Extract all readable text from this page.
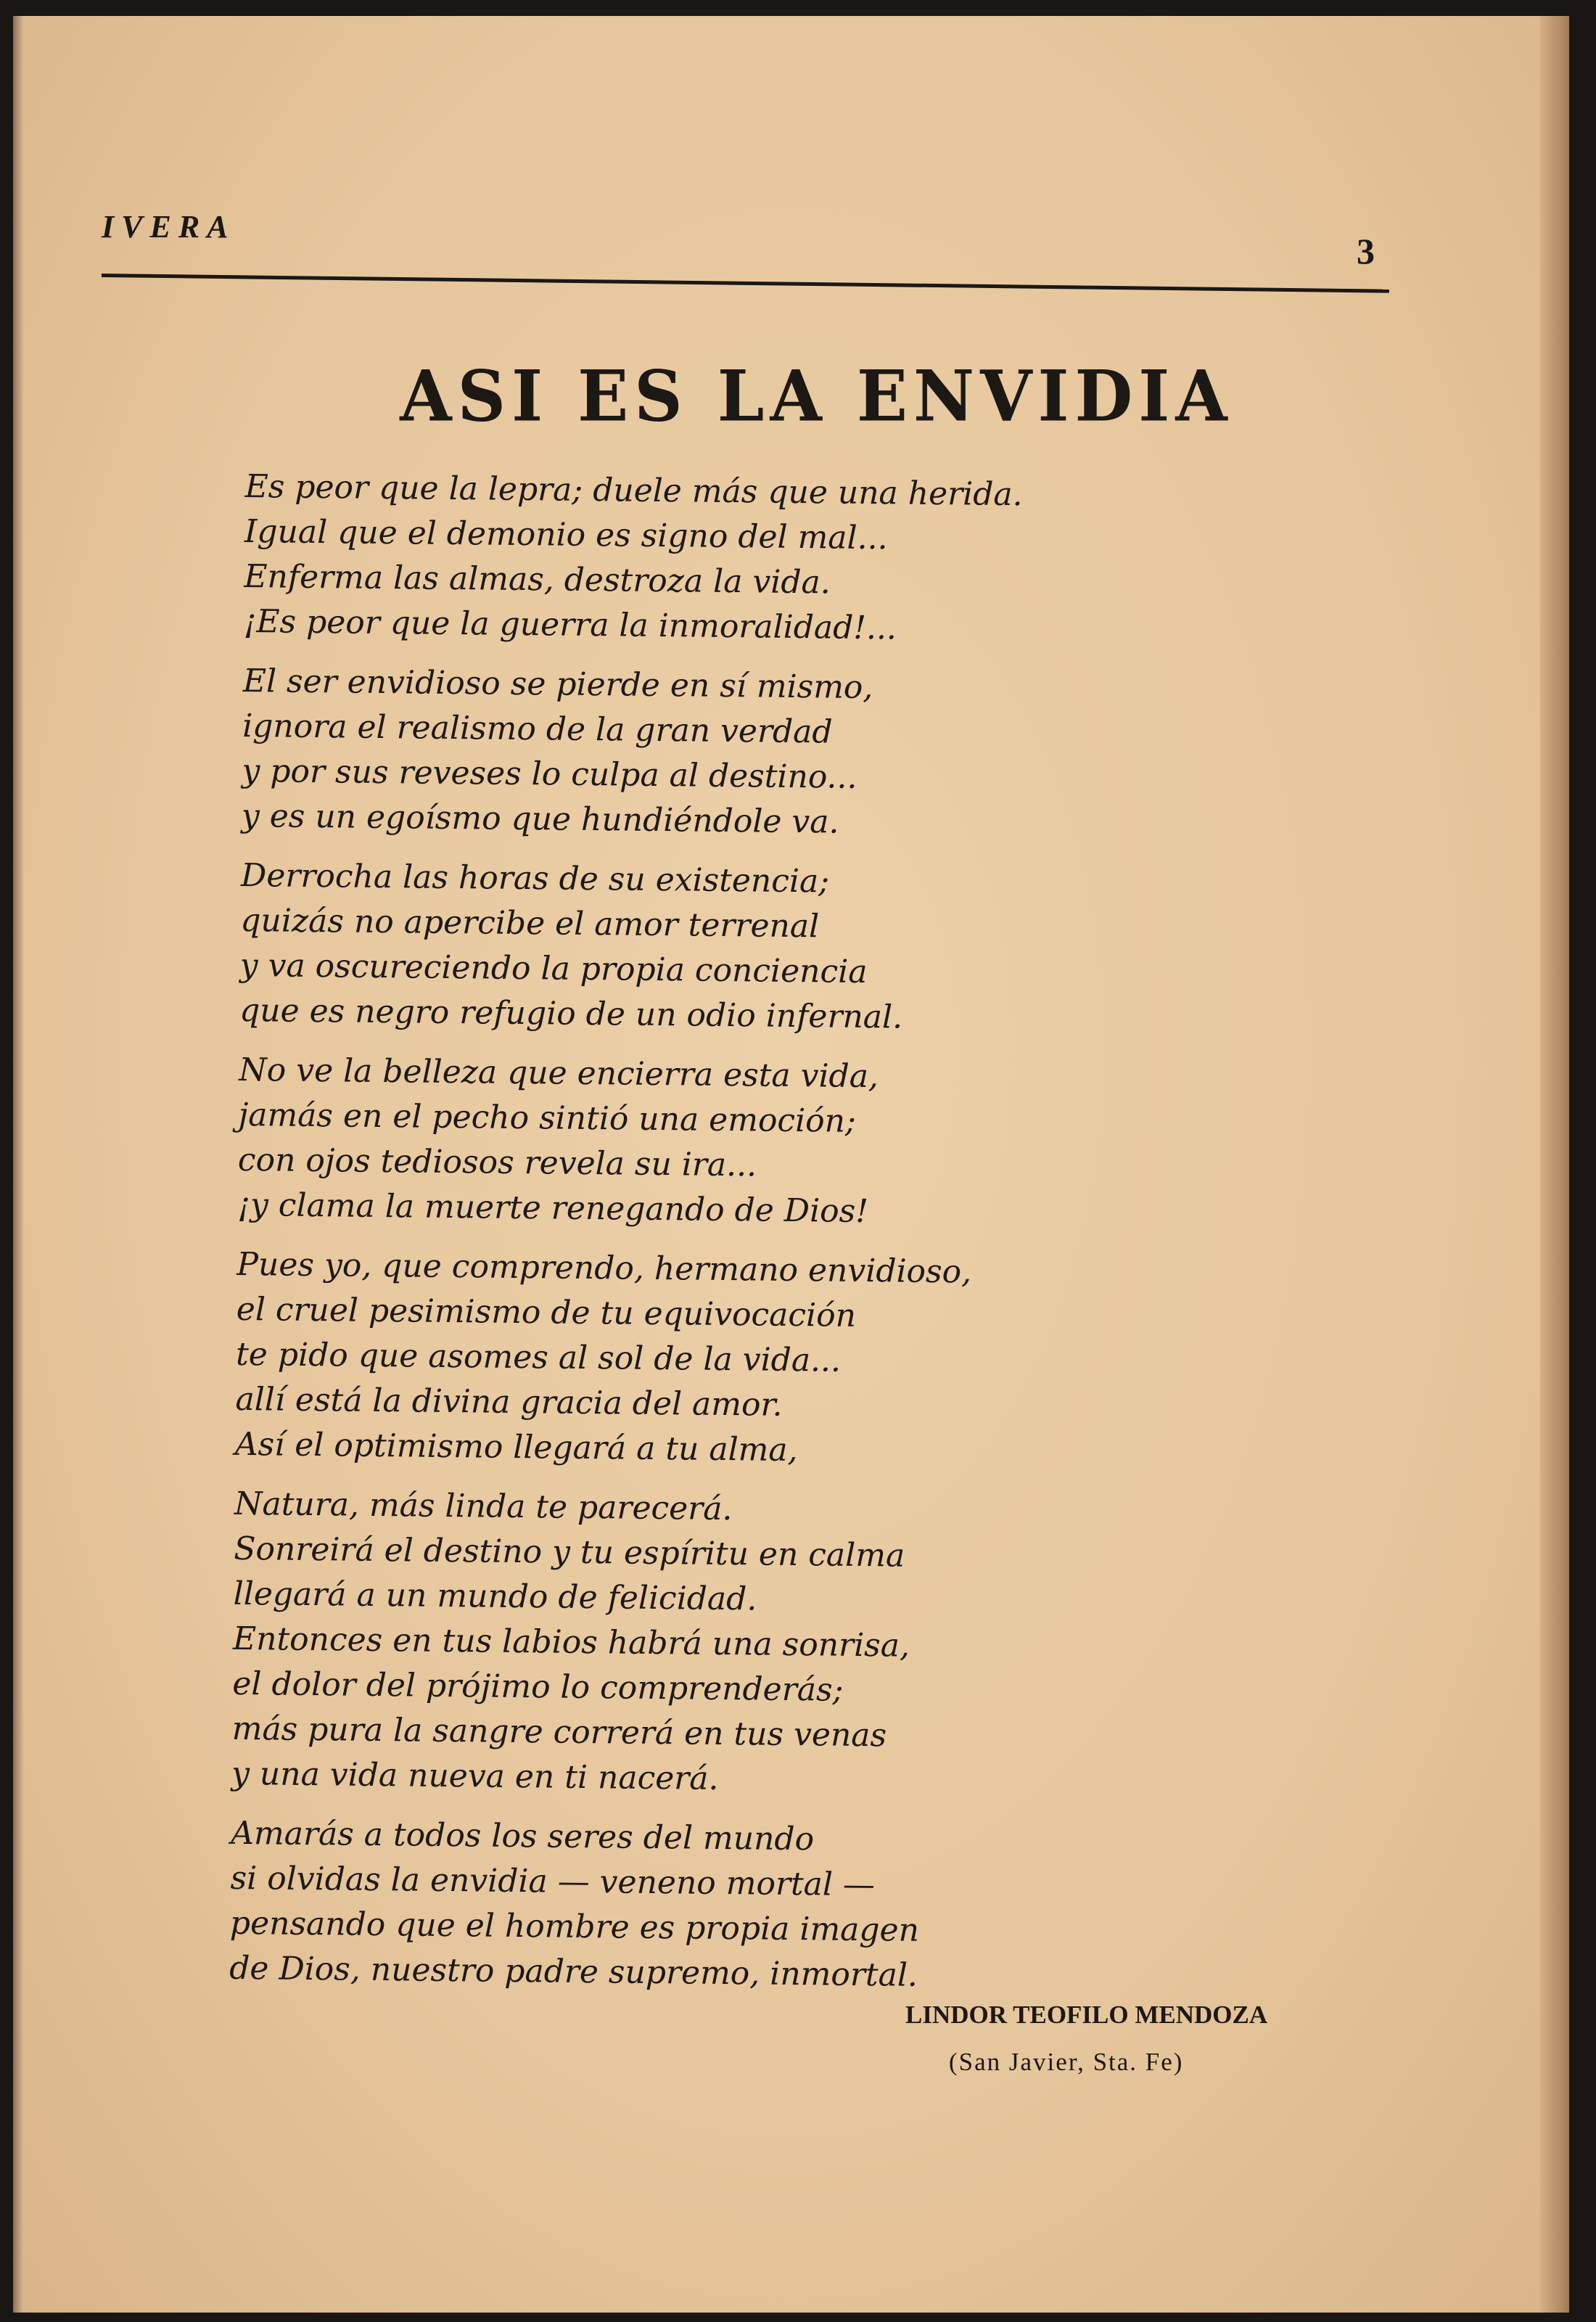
IVERA
3
ASI ES LA ENVIDIA
Es peor que la lepra; duele más que una herida.
Igual que el demonio es signo del mal...
Enferma las almas, destroza la vida.
¡Es peor que la guerra la inmoralidad!...
El ser envidioso se pierde en sí mismo,
ignora el realismo de la gran verdad
y por sus reveses lo culpa al destino...
y es un egoísmo que hundiéndole va.
Derrocha las horas de su existencia;
quizás no apercibe el amor terrenal
y va oscureciendo la propia conciencia
que es negro refugio de un odio infernal.
No ve la belleza que encierra esta vida,
jamás en el pecho sintió una emoción;
con ojos tediosos revela su ira...
¡y clama la muerte renegando de Dios!
Pues yo, que comprendo, hermano envidioso,
el cruel pesimismo de tu equivocación
te pido que asomes al sol de la vida...
allí está la divina gracia del amor.
Así el optimismo llegará a tu alma,
Natura, más linda te parecerá.
Sonreirá el destino y tu espíritu en calma
llegará a un mundo de felicidad.
Entonces en tus labios habrá una sonrisa,
el dolor del prójimo lo comprenderás;
más pura la sangre correrá en tus venas
y una vida nueva en ti nacerá.
Amarás a todos los seres del mundo
si olvidas la envidia — veneno mortal —
pensando que el hombre es propia imagen
de Dios, nuestro padre supremo, inmortal.
LINDOR TEOFILO MENDOZA
(San Javier, Sta. Fe)
